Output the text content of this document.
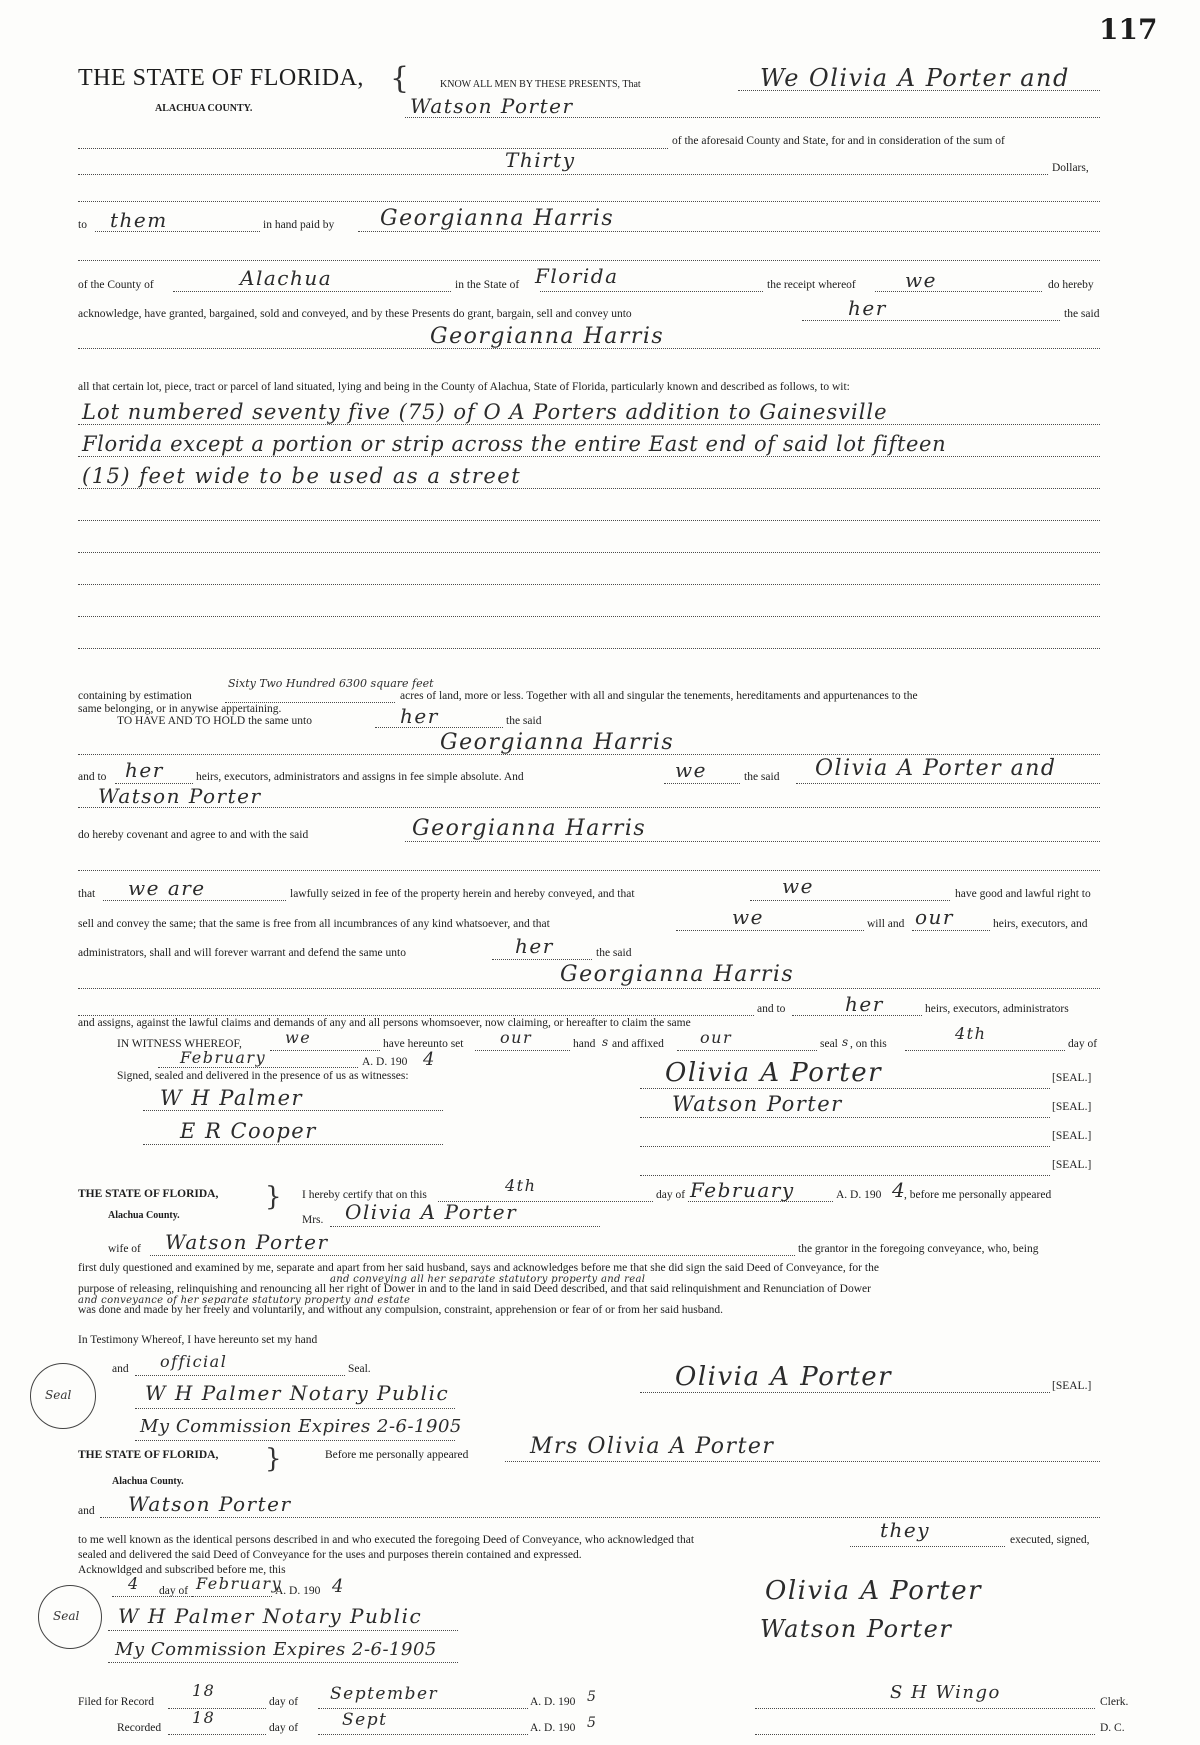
117
THE STATE OF FLORIDA,
ALACHUA COUNTY.
{	KNOW ALL MEN BY THESE PRESENTS, That	We Olivia A Porter and
Watson Porter
of the aforesaid County and State, for and in consideration of the sum of
Thirty	Dollars,
to them	in hand paid by Georgianna Harris
of the County of	Alachua	in the State of Florida	the receipt whereof we	do hereby
acknowledge, have granted, bargained, sold and conveyed, and by these Presents do grant, bargain, sell and convey unto	her	the said
Georgianna Harris
all that certain lot, piece, tract or parcel of land situated, lying and being in the County of Alachua, State of Florida, particularly known and described as follows, to wit:
Lot numbered seventy five (75) of O A Porters addition to Gainesville
Florida except a portion or strip across the entire East end of said lot fifteen
(15) feet wide to be used as a street
containing by estimation
Sixty Two Hundred 6300 square feet
acres of land, more or less. Together with all and singular the tenements, hereditaments and appurtenances to the
same belonging, or in anywise appertaining.
TO HAVE AND TO HOLD the same unto	her	the said
Georgianna Harris
and to her	heirs, executors, administrators and assigns in fee simple absolute. And	we	the said Olivia A Porter and
Watson Porter
do hereby covenant and agree to and with the said	Georgianna Harris
that we are	lawfully seized in fee of the property herein and hereby conveyed, and that	we	have good and lawful right to
sell and convey the same; that the same is free from all incumbrances of any kind whatsoever, and that	we	will and our	heirs, executors, and
administrators, shall and will forever warrant and defend the same unto	her	the said
Georgianna Harris
and to	her	heirs, executors, administrators
and assigns, against the lawful claims and demands of any and all persons whomsoever, now claiming, or hereafter to claim the same
IN WITNESS WHEREOF,	we	have hereunto set our	hand s and affixed our	seal s , on this
4th
day of
February	A. D. 190 4
Signed, sealed and delivered in the presence of us as witnesses:
W H Palmer
E R Cooper
Olivia A Porter	[SEAL.]
Watson Porter	[SEAL.]
[SEAL.]
[SEAL.]
THE STATE OF FLORIDA,
Alachua County.
} I hereby certify that on this	4th	day of February	A. D. 190 4
, before me personally appeared
Mrs. Olivia A Porter
wife of Watson Porter	the grantor in the foregoing conveyance, who, being
first duly questioned and examined by me, separate and apart from her said husband, says and acknowledges before me that she did sign the said Deed of Conveyance, for the
and conveying all her separate statutory property and real
purpose of releasing, relinquishing and renouncing all her right of Dower in and to the land in said Deed described, and that said relinquishment and Renunciation of Dower
and conveyance of her separate statutory property and estate
was done and made by her freely and voluntarily, and without any compulsion, constraint, apprehension or fear of or from her said husband.
In Testimony Whereof, I have hereunto set my hand
and official	Seal.
W H Palmer Notary Public
My Commission Expires 2-6-1905
Seal
Olivia A Porter	[SEAL.]
THE STATE OF FLORIDA,
Alachua County.
}	Before me personally appeared	Mrs Olivia A Porter
and Watson Porter
to me well known as the identical persons described in and who executed the foregoing Deed of Conveyance, who acknowledged that	they	executed, signed,
sealed and delivered the said Deed of Conveyance for the uses and purposes therein contained and expressed.
Acknowldged and subscribed before me, this
4 day of February
A. D. 190 4
W H Palmer Notary Public
My Commission Expires 2-6-1905
Seal
Olivia A Porter
Watson Porter
Filed for Record
18
day of September	A. D. 190 5
Recorded
18
day of	Sept	A. D. 190 5
S H Wingo	Clerk.
D. C.
